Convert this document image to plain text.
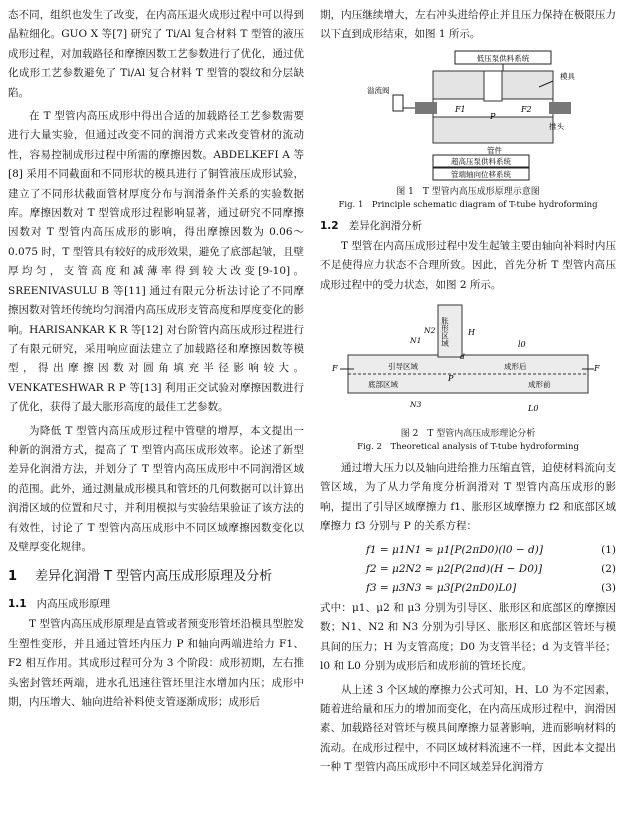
态不同，组织也发生了改变，在内高压退火成形过程中可以得到晶粒细化。GUO X 等[7] 研究了 Ti/Al 复合材料 T 型管的液压成形过程，对加载路径和摩擦因数工艺参数进行了优化，通过优化成形工艺参数避免了 Ti/Al 复合材料 T 型管的裂纹和分层缺陷。

在 T 型管内高压成形中得出合适的加载路径工艺参数需要进行大量实验，但通过改变不同的润滑方式来改变管材的流动性，容易控制成形过程中所需的摩擦因数。ABDELKEFI A 等[8] 采用不同截面和不同形状的模具进行了铜管液压成形试验，建立了不同形状截面管材厚度分布与润滑条件关系的实验数据库。摩擦因数对 T 型管成形过程影响显著，通过研究不同摩擦因数对 T 型管内高压成形的影响，得出摩擦因数为 0.06～0.075 时，T 型管具有较好的成形效果，避免了底部起皱，且壁厚均匀，支管高度和减薄率得到较大改变[9-10]。SREENIVASULU B 等[11] 通过有限元分析法讨论了不同摩擦因数对管坯传统均匀润滑内高压成形支管高度和厚度变化的影响。HARISANKAR K R 等[12] 对台阶管内高压成形过程进行了有限元研究，采用响应面法建立了加载路径和摩擦因数等模型，得出摩擦因数对圆角填充半径影响较大。VENKATESHWAR R P 等[13] 利用正交试验对摩擦因数进行了优化，获得了最大胀形高度的最佳工艺参数。

为降低 T 型管内高压成形过程中管壁的增厚，本文提出一种新的润滑方式，提高了 T 型管内高压成形效率。论述了新型差异化润滑方法，并划分了 T 型管内高压成形中不同润滑区域的范围。此外，通过测量成形模具和管坯的几何数据可以计算出润滑区域的位置和尺寸，并利用模拟与实验结果验证了该方法的有效性，讨论了 T 型管内高压成形中不同区域摩擦因数变化以及壁厚变化规律。

1 差异化润滑 T 型管内高压成形原理及分析
1.1 内高压成形原理

T 型管内高压成形原理是直管或者预变形管坯沿模具型腔发生塑性变形，并且通过管坯内压力 P 和轴向两端进给力 F1、F2 相互作用。其成形过程可分为 3 个阶段：成形初期，左右推头密封管坯两端，进水孔迅速往管坯里注水增加内压；成形中期，内压增大、轴向进给补料使支管逐渐成形；成形后

期，内压继续增大，左右冲头进给停止并且压力保持在极限压力以下直到成形结束，如图 1 所示。

低压泵供料系统
模具
溢流阀
F1	F2
P
推头
管件
超高压泵供料系统
管端轴向位移系统
图 1　T 型管内高压成形原理示意图
Fig. 1　Principle schematic diagram of T-tube hydroforming
1.2 差异化润滑分析

T 型管在内高压成形过程中发生起皱主要由轴向补料时内压不足使得应力状态不合理所致。因此，首先分析 T 型管内高压成形过程中的受力状态，如图 2 所示。

胀形区域
引导区域
底部区域
成形后
成形前
F	F
N1
N2
N3
H
l0
L0
d
P
图 2　T 型管内高压成形理论分析
Fig. 2　Theoretical analysis of T-tube hydroforming

通过增大压力以及轴向进给推力压缩直管，迫使材料流向支管区域，为了从力学角度分析润滑对 T 型管内高压成形的影响，提出了引导区域摩擦力 f1、胀形区域摩擦力 f2 和底部区域摩擦力 f3 分别与 P 的关系方程：

f1 = μ1N1 ≈ μ1[P(2πD0)(l0 − d)]	(1)
f2 = μ2N2 ≈ μ2[P(2πd)(H − D0)]	(2)
f3 = μ3N3 ≈ μ3[P(2πD0)L0]	(3)

式中：μ1、μ2 和 μ3 分别为引导区、胀形区和底部区的摩擦因数；N1、N2 和 N3 分别为引导区、胀形区和底部区管坯与模具间的压力；H 为支管高度；D0 为支管半径；d 为支管半径；l0 和 L0 分别为成形后和成形前的管坯长度。

从上述 3 个区域的摩擦力公式可知，H、L0 为不定因素，随着进给量和压力的增加而变化，在内高压成形过程中，润滑因素、加载路径对管坯与模具间摩擦力显著影响，进而影响材料的流动。在成形过程中，不同区域材料流速不一样，因此本文提出一种 T 型管内高压成形中不同区域差异化润滑方
